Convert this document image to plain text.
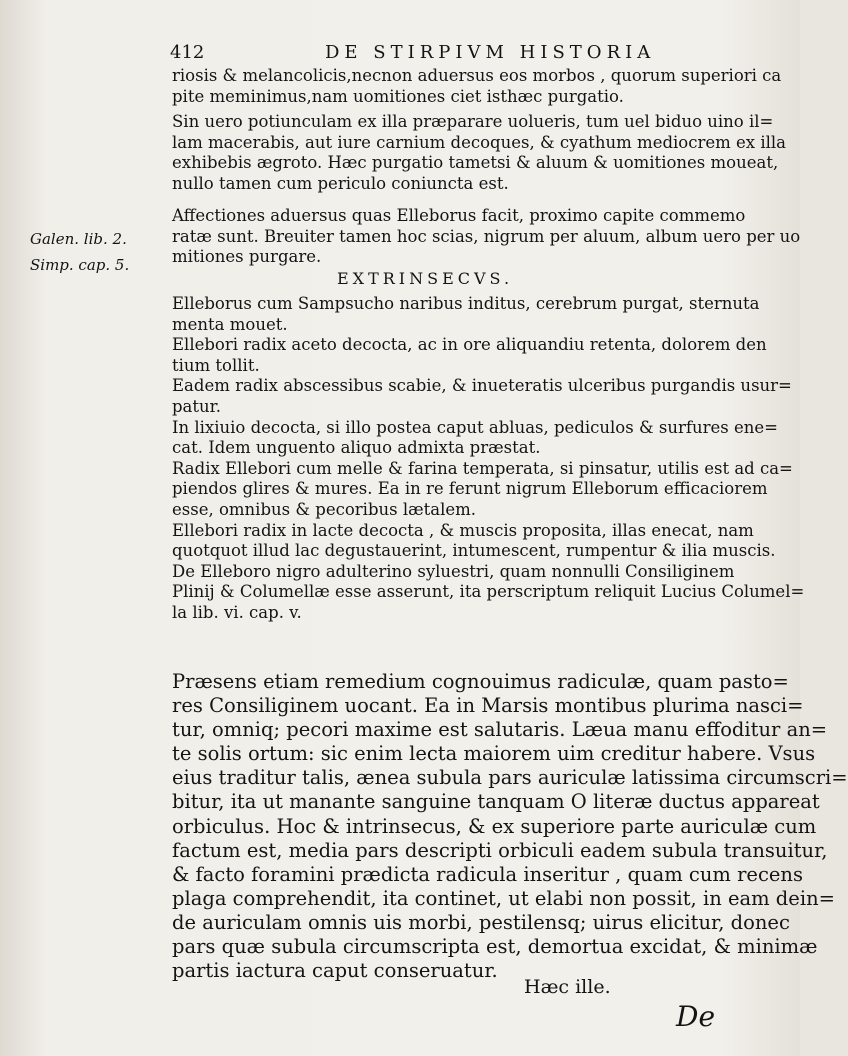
412	DE STIRPIVM HISTORIA
Galen. lib. 2.
Simp. cap. 5.
riosis & melancolicis,necnon aduersus eos morbos , quorum superiori ca
pite meminimus,nam uomitiones ciet isthæc purgatio.
Sin uero potiunculam ex illa præparare uolueris, tum uel biduo uino il=
lam macerabis, aut iure carnium decoques, & cyathum mediocrem ex illa
exhibebis ægroto. Hæc purgatio tametsi & aluum & uomitiones moueat,
nullo tamen cum periculo coniuncta est.
Affectiones aduersus quas Elleborus facit, proximo capite commemo
ratæ sunt. Breuiter tamen hoc scias, nigrum per aluum, album uero per uo
mitiones purgare.
EXTRINSECVS.
Elleborus cum Sampsucho naribus inditus, cerebrum purgat, sternuta
menta mouet.
Ellebori radix aceto decocta, ac in ore aliquandiu retenta, dolorem den
tium tollit.
Eadem radix abscessibus scabie, & inueteratis ulceribus purgandis usur=
patur.
In lixiuio decocta, si illo postea caput abluas, pediculos & surfures ene=
cat. Idem unguento aliquo admixta præstat.
Radix Ellebori cum melle & farina temperata, si pinsatur, utilis est ad ca=
piendos glires & mures. Ea in re ferunt nigrum Elleborum efficaciorem
esse, omnibus & pecoribus lætalem.
Ellebori radix in lacte decocta , & muscis proposita, illas enecat, nam
quotquot illud lac degustauerint, intumescent, rumpentur & ilia muscis.
De Elleboro nigro adulterino syluestri, quam nonnulli Consiliginem
Plinij & Columellæ esse asserunt, ita perscriptum reliquit Lucius Columel=
la lib. vi. cap. v.
Præsens etiam remedium cognouimus radiculæ, quam pasto=
res Consiliginem uocant. Ea in Marsis montibus plurima nasci=
tur, omniq; pecori maxime est salutaris. Læua manu effoditur an=
te solis ortum: sic enim lecta maiorem uim creditur habere. Vsus
eius traditur talis, ænea subula pars auriculæ latissima circumscri=
bitur, ita ut manante sanguine tanquam O literæ ductus appareat
orbiculus. Hoc & intrinsecus, & ex superiore parte auriculæ cum
factum est, media pars descripti orbiculi eadem subula transuitur,
& facto foramini prædicta radicula inseritur , quam cum recens
plaga comprehendit, ita continet, ut elabi non possit, in eam dein=
de auriculam omnis uis morbi, pestilensq; uirus elicitur, donec
pars quæ subula circumscripta est, demortua excidat, & minimæ
partis iactura caput conseruatur.
Hæc ille.
De
